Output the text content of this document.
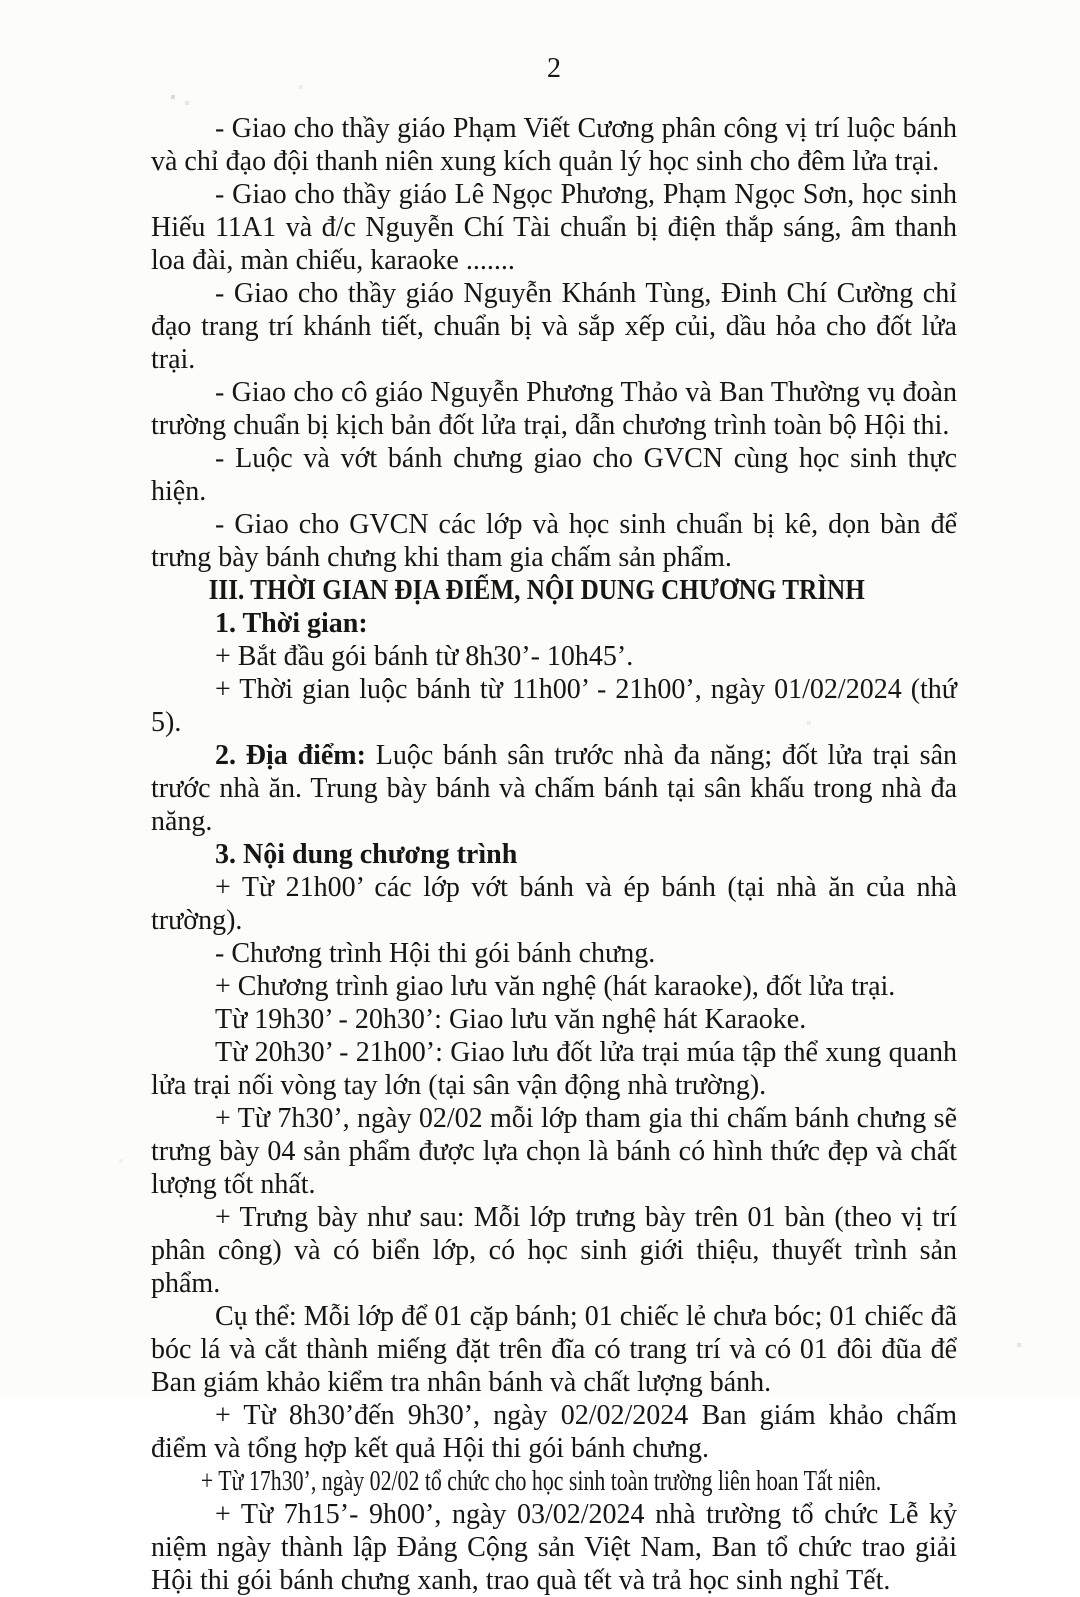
2

- Giao cho thầy giáo Phạm Viết Cương phân công vị trí luộc bánh và chỉ đạo đội thanh niên xung kích quản lý học sinh cho đêm lửa trại.

- Giao cho thầy giáo Lê Ngọc Phương, Phạm Ngọc Sơn, học sinh Hiếu 11A1 và đ/c Nguyễn Chí Tài chuẩn bị điện thắp sáng, âm thanh loa đài, màn chiếu, karaoke .......

- Giao cho thầy giáo Nguyễn Khánh Tùng, Đinh Chí Cường chỉ đạo trang trí khánh tiết, chuẩn bị và sắp xếp củi, dầu hỏa cho đốt lửa trại.

- Giao cho cô giáo Nguyễn Phương Thảo và Ban Thường vụ đoàn trường chuẩn bị kịch bản đốt lửa trại, dẫn chương trình toàn bộ Hội thi.

- Luộc và vớt bánh chưng giao cho GVCN cùng học sinh thực hiện.

- Giao cho GVCN các lớp và học sinh chuẩn bị kê, dọn bàn để trưng bày bánh chưng khi tham gia chấm sản phẩm.

III. THỜI GIAN ĐỊA ĐIỂM, NỘI DUNG CHƯƠNG TRÌNH

1. Thời gian:

+ Bắt đầu gói bánh từ 8h30’- 10h45’.

+ Thời gian luộc bánh từ 11h00’ - 21h00’, ngày 01/02/2024 (thứ 5).

2. Địa điểm: Luộc bánh sân trước nhà đa năng; đốt lửa trại sân trước nhà ăn. Trung bày bánh và chấm bánh tại sân khấu trong nhà đa năng.

3. Nội dung chương trình

+ Từ 21h00’ các lớp vớt bánh và ép bánh (tại nhà ăn của nhà trường).

- Chương trình Hội thi gói bánh chưng.

+ Chương trình giao lưu văn nghệ (hát karaoke), đốt lửa trại.

Từ 19h30’ - 20h30’: Giao lưu văn nghệ hát Karaoke.

Từ 20h30’ - 21h00’: Giao lưu đốt lửa trại múa tập thể xung quanh lửa trại nối vòng tay lớn (tại sân vận động nhà trường).

+ Từ 7h30’, ngày 02/02 mỗi lớp tham gia thi chấm bánh chưng sẽ trưng bày 04 sản phẩm được lựa chọn là bánh có hình thức đẹp và chất lượng tốt nhất.

+ Trưng bày như sau: Mỗi lớp trưng bày trên 01 bàn (theo vị trí phân công) và có biển lớp, có học sinh giới thiệu, thuyết trình sản phẩm.

Cụ thể: Mỗi lớp để 01 cặp bánh; 01 chiếc lẻ chưa bóc; 01 chiếc đã bóc lá và cắt thành miếng đặt trên đĩa có trang trí và có 01 đôi đũa để Ban giám khảo kiểm tra nhân bánh và chất lượng bánh.

+ Từ 8h30’đến 9h30’, ngày 02/02/2024 Ban giám khảo chấm điểm và tổng hợp kết quả Hội thi gói bánh chưng.

+ Từ 17h30’, ngày 02/02 tổ chức cho học sinh toàn trường liên hoan Tất niên.

+ Từ 7h15’- 9h00’, ngày 03/02/2024 nhà trường tổ chức Lễ kỷ niệm ngày thành lập Đảng Cộng sản Việt Nam, Ban tổ chức trao giải Hội thi gói bánh chưng xanh, trao quà tết và trả học sinh nghỉ Tết.
